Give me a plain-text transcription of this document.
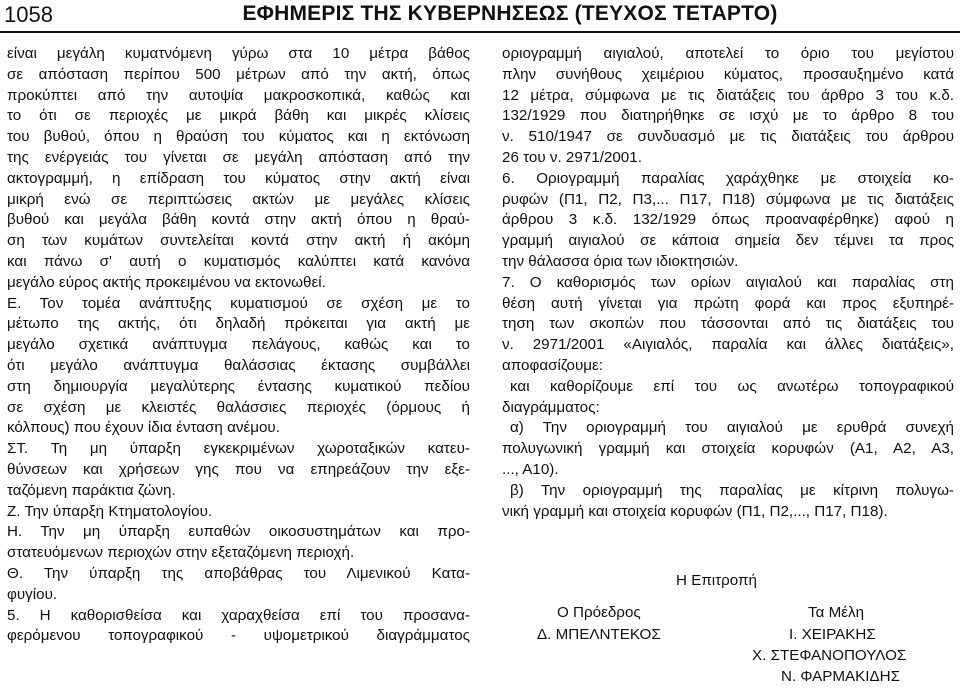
1058	ΕΦΗΜΕΡΙΣ ΤΗΣ ΚΥΒΕΡΝΗΣΕΩΣ (ΤΕΥΧΟΣ ΤΕΤΑΡΤΟ)

είναι μεγάλη κυματνόμενη γύρω στα 10 μέτρα βάθος

σε απόσταση περίπου 500 μέτρων από την ακτή, όπως

προκύπτει από την αυτοψία μακροσκοπικά, καθώς και

το ότι σε περιοχές με μικρά βάθη και μικρές κλίσεις

του βυθού, όπου η θραύση του κύματος και η εκτόνωση

της ενέργειάς του γίνεται σε μεγάλη απόσταση από την

ακτογραμμή, η επίδραση του κύματος στην ακτή είναι

μικρή ενώ σε περιπτώσεις ακτών με μεγάλες κλίσεις

βυθού και μεγάλα βάθη κοντά στην ακτή όπου η θραύ-

ση των κυμάτων συντελείται κοντά στην ακτή ή ακόμη

και πάνω σ' αυτή ο κυματισμός καλύπτει κατά κανόνα

μεγάλο εύρος ακτής προκειμένου να εκτονωθεί.

Ε. Τον τομέα ανάπτυξης κυματισμού σε σχέση με το

μέτωπο της ακτής, ότι δηλαδή πρόκειται για ακτή με

μεγάλο σχετικά ανάπτυγμα πελάγους, καθώς και το

ότι μεγάλο ανάπτυγμα θαλάσσιας έκτασης συμβάλλει

στη δημιουργία μεγαλύτερης έντασης κυματικού πεδίου

σε σχέση με κλειστές θαλάσσιες περιοχές (όρμους ή

κόλπους) που έχουν ίδια ένταση ανέμου.

ΣΤ. Τη μη ύπαρξη εγκεκριμένων χωροταξικών κατευ-

θύνσεων και χρήσεων γης που να επηρεάζουν την εξε-

ταζόμενη παράκτια ζώνη.

Ζ. Την ύπαρξη Κτηματολογίου.

Η. Την μη ύπαρξη ευπαθών οικοσυστημάτων και προ-

στατευόμενων περιοχών στην εξεταζόμενη περιοχή.

Θ. Την ύπαρξη της αποβάθρας του Λιμενικού Κατα-

φυγίου.

5. Η καθορισθείσα και χαραχθείσα επί του προσανα-

φερόμενου τοπογραφικού - υψομετρικού διαγράμματος

οριογραμμή αιγιαλού, αποτελεί το όριο του μεγίστου

πλην συνήθους χειμέριου κύματος, προσαυξημένο κατά

12 μέτρα, σύμφωνα με τις διατάξεις του άρθρο 3 του κ.δ.

132/1929 που διατηρήθηκε σε ισχύ με το άρθρο 8 του

ν. 510/1947 σε συνδυασμό με τις διατάξεις του άρθρου

26 του ν. 2971/2001.

6. Οριογραμμή παραλίας χαράχθηκε με στοιχεία κο-

ρυφών (Π1, Π2, Π3,... Π17, Π18) σύμφωνα με τις διατάξεις

άρθρου 3 κ.δ. 132/1929 όπως προαναφέρθηκε) αφού η

γραμμή αιγιαλού σε κάποια σημεία δεν τέμνει τα προς

την θάλασσα όρια των ιδιοκτησιών.

7. Ο καθορισμός των ορίων αιγιαλού και παραλίας στη

θέση αυτή γίνεται για πρώτη φορά και προς εξυπηρέ-

τηση των σκοπών που τάσσονται από τις διατάξεις του

ν. 2971/2001 «Αιγιαλός, παραλία και άλλες διατάξεις»,

αποφασίζουμε:

και καθορίζουμε επί του ως ανωτέρω τοπογραφικού

διαγράμματος:

α) Την οριογραμμή του αιγιαλού με ερυθρά συνεχή

πολυγωνική γραμμή και στοιχεία κορυφών (Α1, Α2, Α3,

..., Α10).

β) Την οριογραμμή της παραλίας με κίτρινη πολυγω-

νική γραμμή και στοιχεία κορυφών (Π1, Π2,..., Π17, Π18).

Η Επιτροπή
Ο Πρόεδρος	Τα Μέλη
Δ. ΜΠΕΛΝΤΕΚΟΣ	Ι. ΧΕΙΡΑΚΗΣ
Χ. ΣΤΕΦΑΝΟΠΟΥΛΟΣ
Ν. ΦΑΡΜΑΚΙΔΗΣ
